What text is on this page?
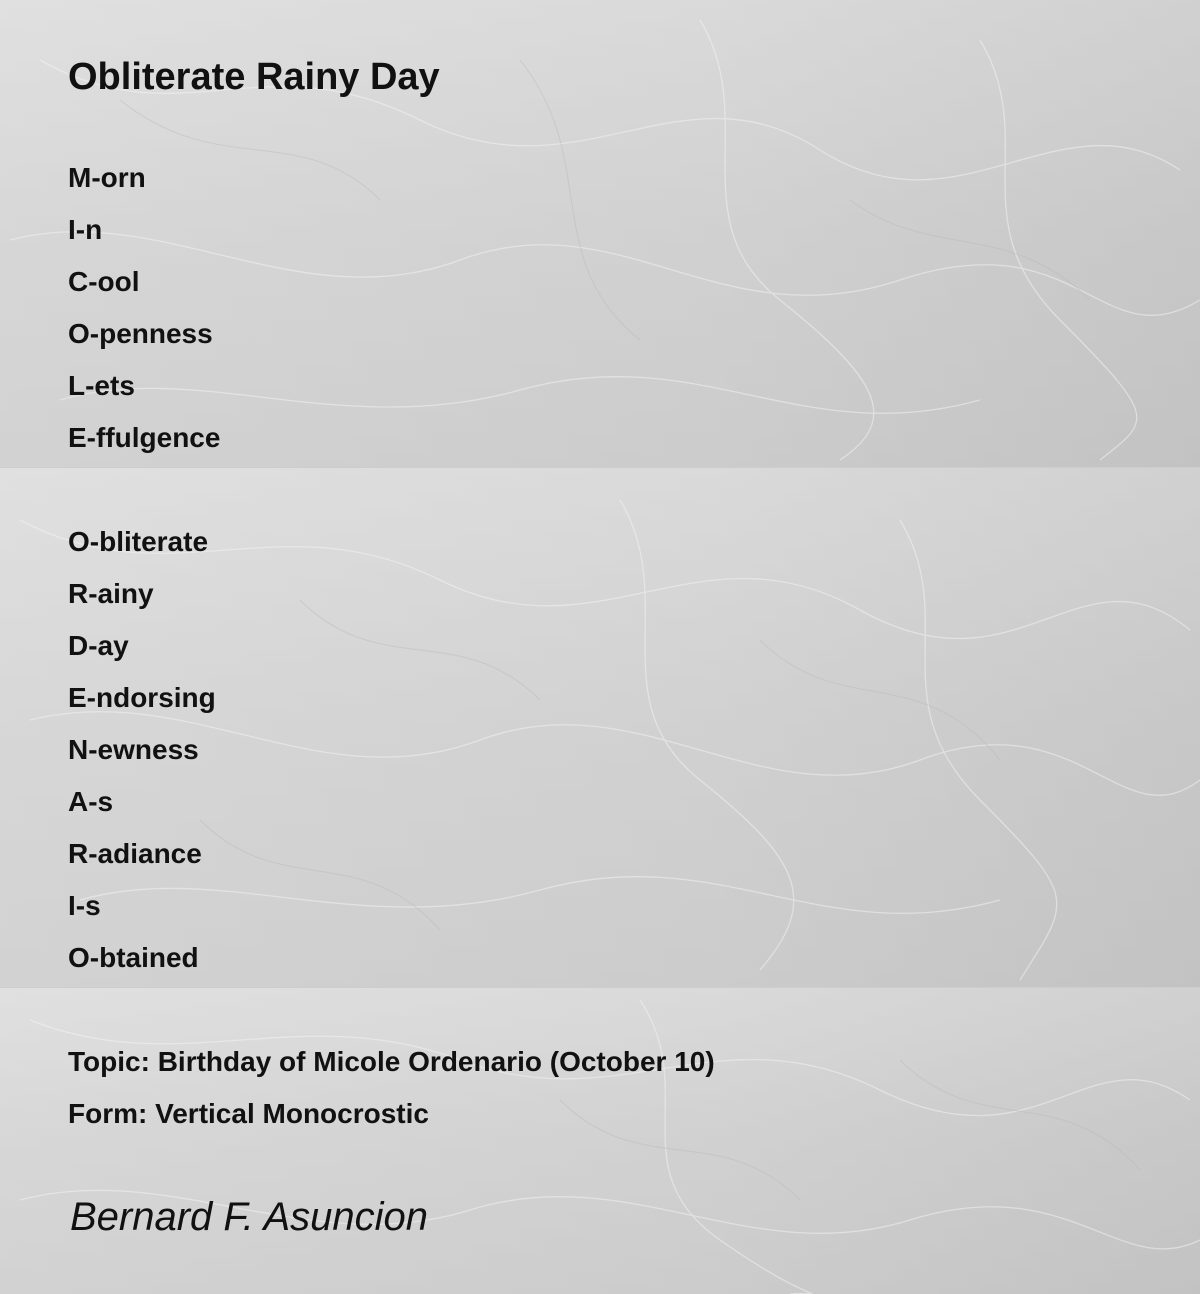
Obliterate Rainy Day
M-orn
I-n
C-ool
O-penness
L-ets
E-ffulgence
O-bliterate
R-ainy
D-ay
E-ndorsing
N-ewness
A-s
R-adiance
I-s
O-btained
Topic: Birthday of Micole Ordenario (October 10)
Form: Vertical Monocrostic
Bernard F. Asuncion
